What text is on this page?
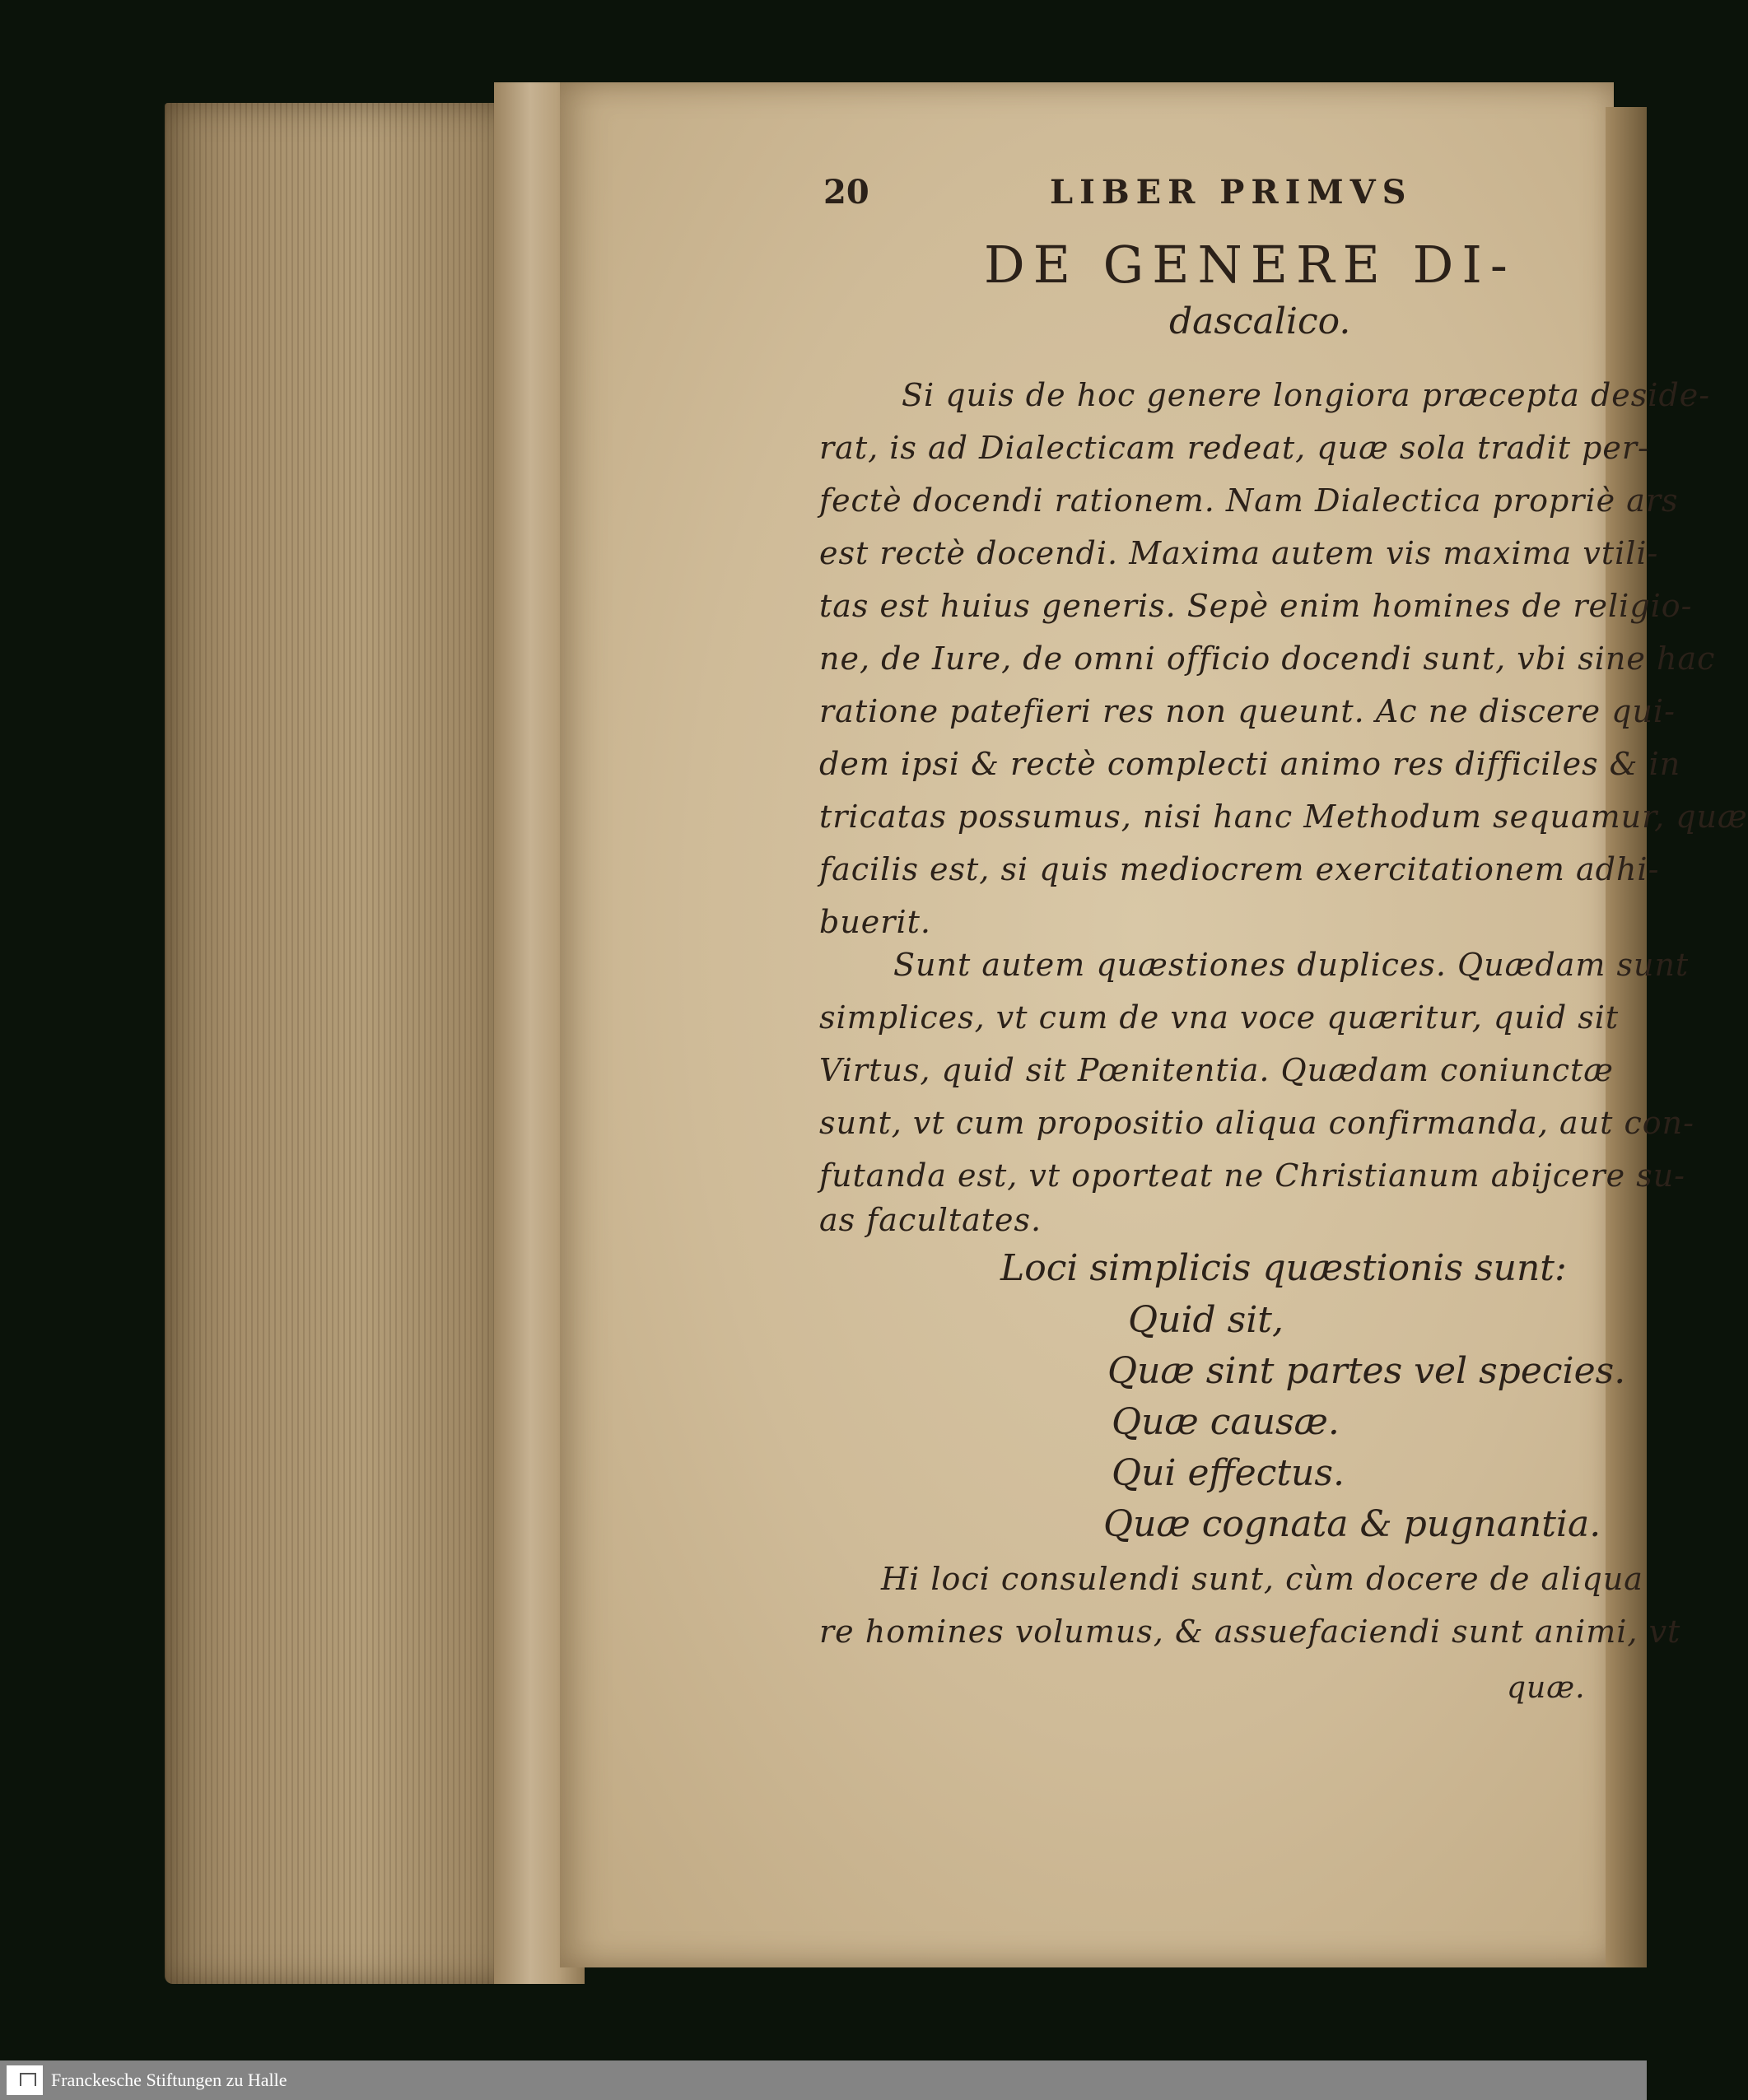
20	LIBER PRIMVS
DE GENERE DI-
dascalico.
Si quis de hoc genere longiora præcepta deside-
rat, is ad Dialecticam redeat, quæ sola tradit per-
fectè docendi rationem. Nam Dialectica propriè ars
est rectè docendi. Maxima autem vis maxima vtili-
tas est huius generis. Sepè enim homines de religio-
ne, de Iure, de omni officio docendi sunt, vbi sine hac
ratione patefieri res non queunt. Ac ne discere qui-
dem ipsi & rectè complecti animo res difficiles & in
tricatas possumus, nisi hanc Methodum sequamur, quæ
facilis est, si quis mediocrem exercitationem adhi-
buerit.
Sunt autem quæstiones duplices. Quædam sunt
simplices, vt cum de vna voce quæritur, quid sit
Virtus, quid sit Pœnitentia. Quædam coniunctæ
sunt, vt cum propositio aliqua confirmanda, aut con-
futanda est, vt oporteat ne Christianum abijcere su-
as facultates.
Loci simplicis quæstionis sunt:
Quid sit,
Quæ sint partes vel species.
Quæ causæ.
Qui effectus.
Quæ cognata & pugnantia.
Hi loci consulendi sunt, cùm docere de aliqua
re homines volumus, & assuefaciendi sunt animi, vt
quæ.
Franckesche Stiftungen zu Halle
